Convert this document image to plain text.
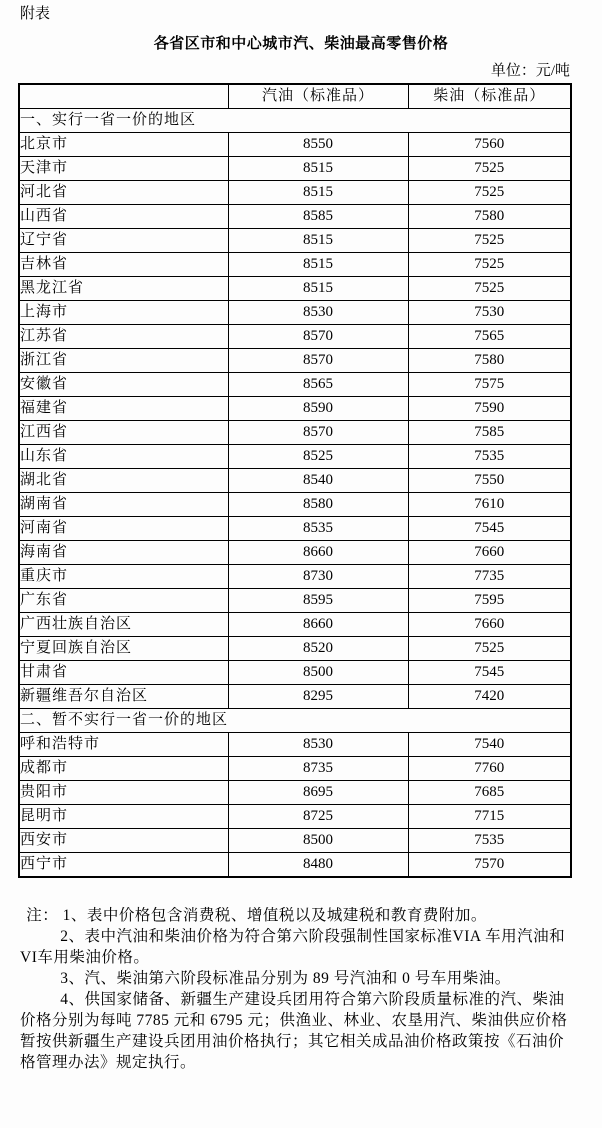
附表
各省区市和中心城市汽、柴油最高零售价格
单位：元/吨
	汽油（标准品）	柴油（标准品）
一、实行一省一价的地区		
北京市	8550	7560
天津市	8515	7525
河北省	8515	7525
山西省	8585	7580
辽宁省	8515	7525
吉林省	8515	7525
黑龙江省	8515	7525
上海市	8530	7530
江苏省	8570	7565
浙江省	8570	7580
安徽省	8565	7575
福建省	8590	7590
江西省	8570	7585
山东省	8525	7535
湖北省	8540	7550
湖南省	8580	7610
河南省	8535	7545
海南省	8660	7660
重庆市	8730	7735
广东省	8595	7595
广西壮族自治区	8660	7660
宁夏回族自治区	8520	7525
甘肃省	8500	7545
新疆维吾尔自治区	8295	7420
二、暂不实行一省一价的地区		
呼和浩特市	8530	7540
成都市	8735	7760
贵阳市	8695	7685
昆明市	8725	7715
西安市	8500	7535
西宁市	8480	7570

注： 1、表中价格包含消费税、增值税以及城建税和教育费附加。

2、表中汽油和柴油价格为符合第六阶段强制性国家标准VIA 车用汽油和VI车用柴油价格。

3、汽、柴油第六阶段标准品分别为 89 号汽油和 0 号车用柴油。

4、供国家储备、新疆生产建设兵团用符合第六阶段质量标准的汽、柴油价格分别为每吨 7785 元和 6795 元；供渔业、林业、农垦用汽、柴油供应价格暂按供新疆生产建设兵团用油价格执行；其它相关成品油价格政策按《石油价格管理办法》规定执行。
